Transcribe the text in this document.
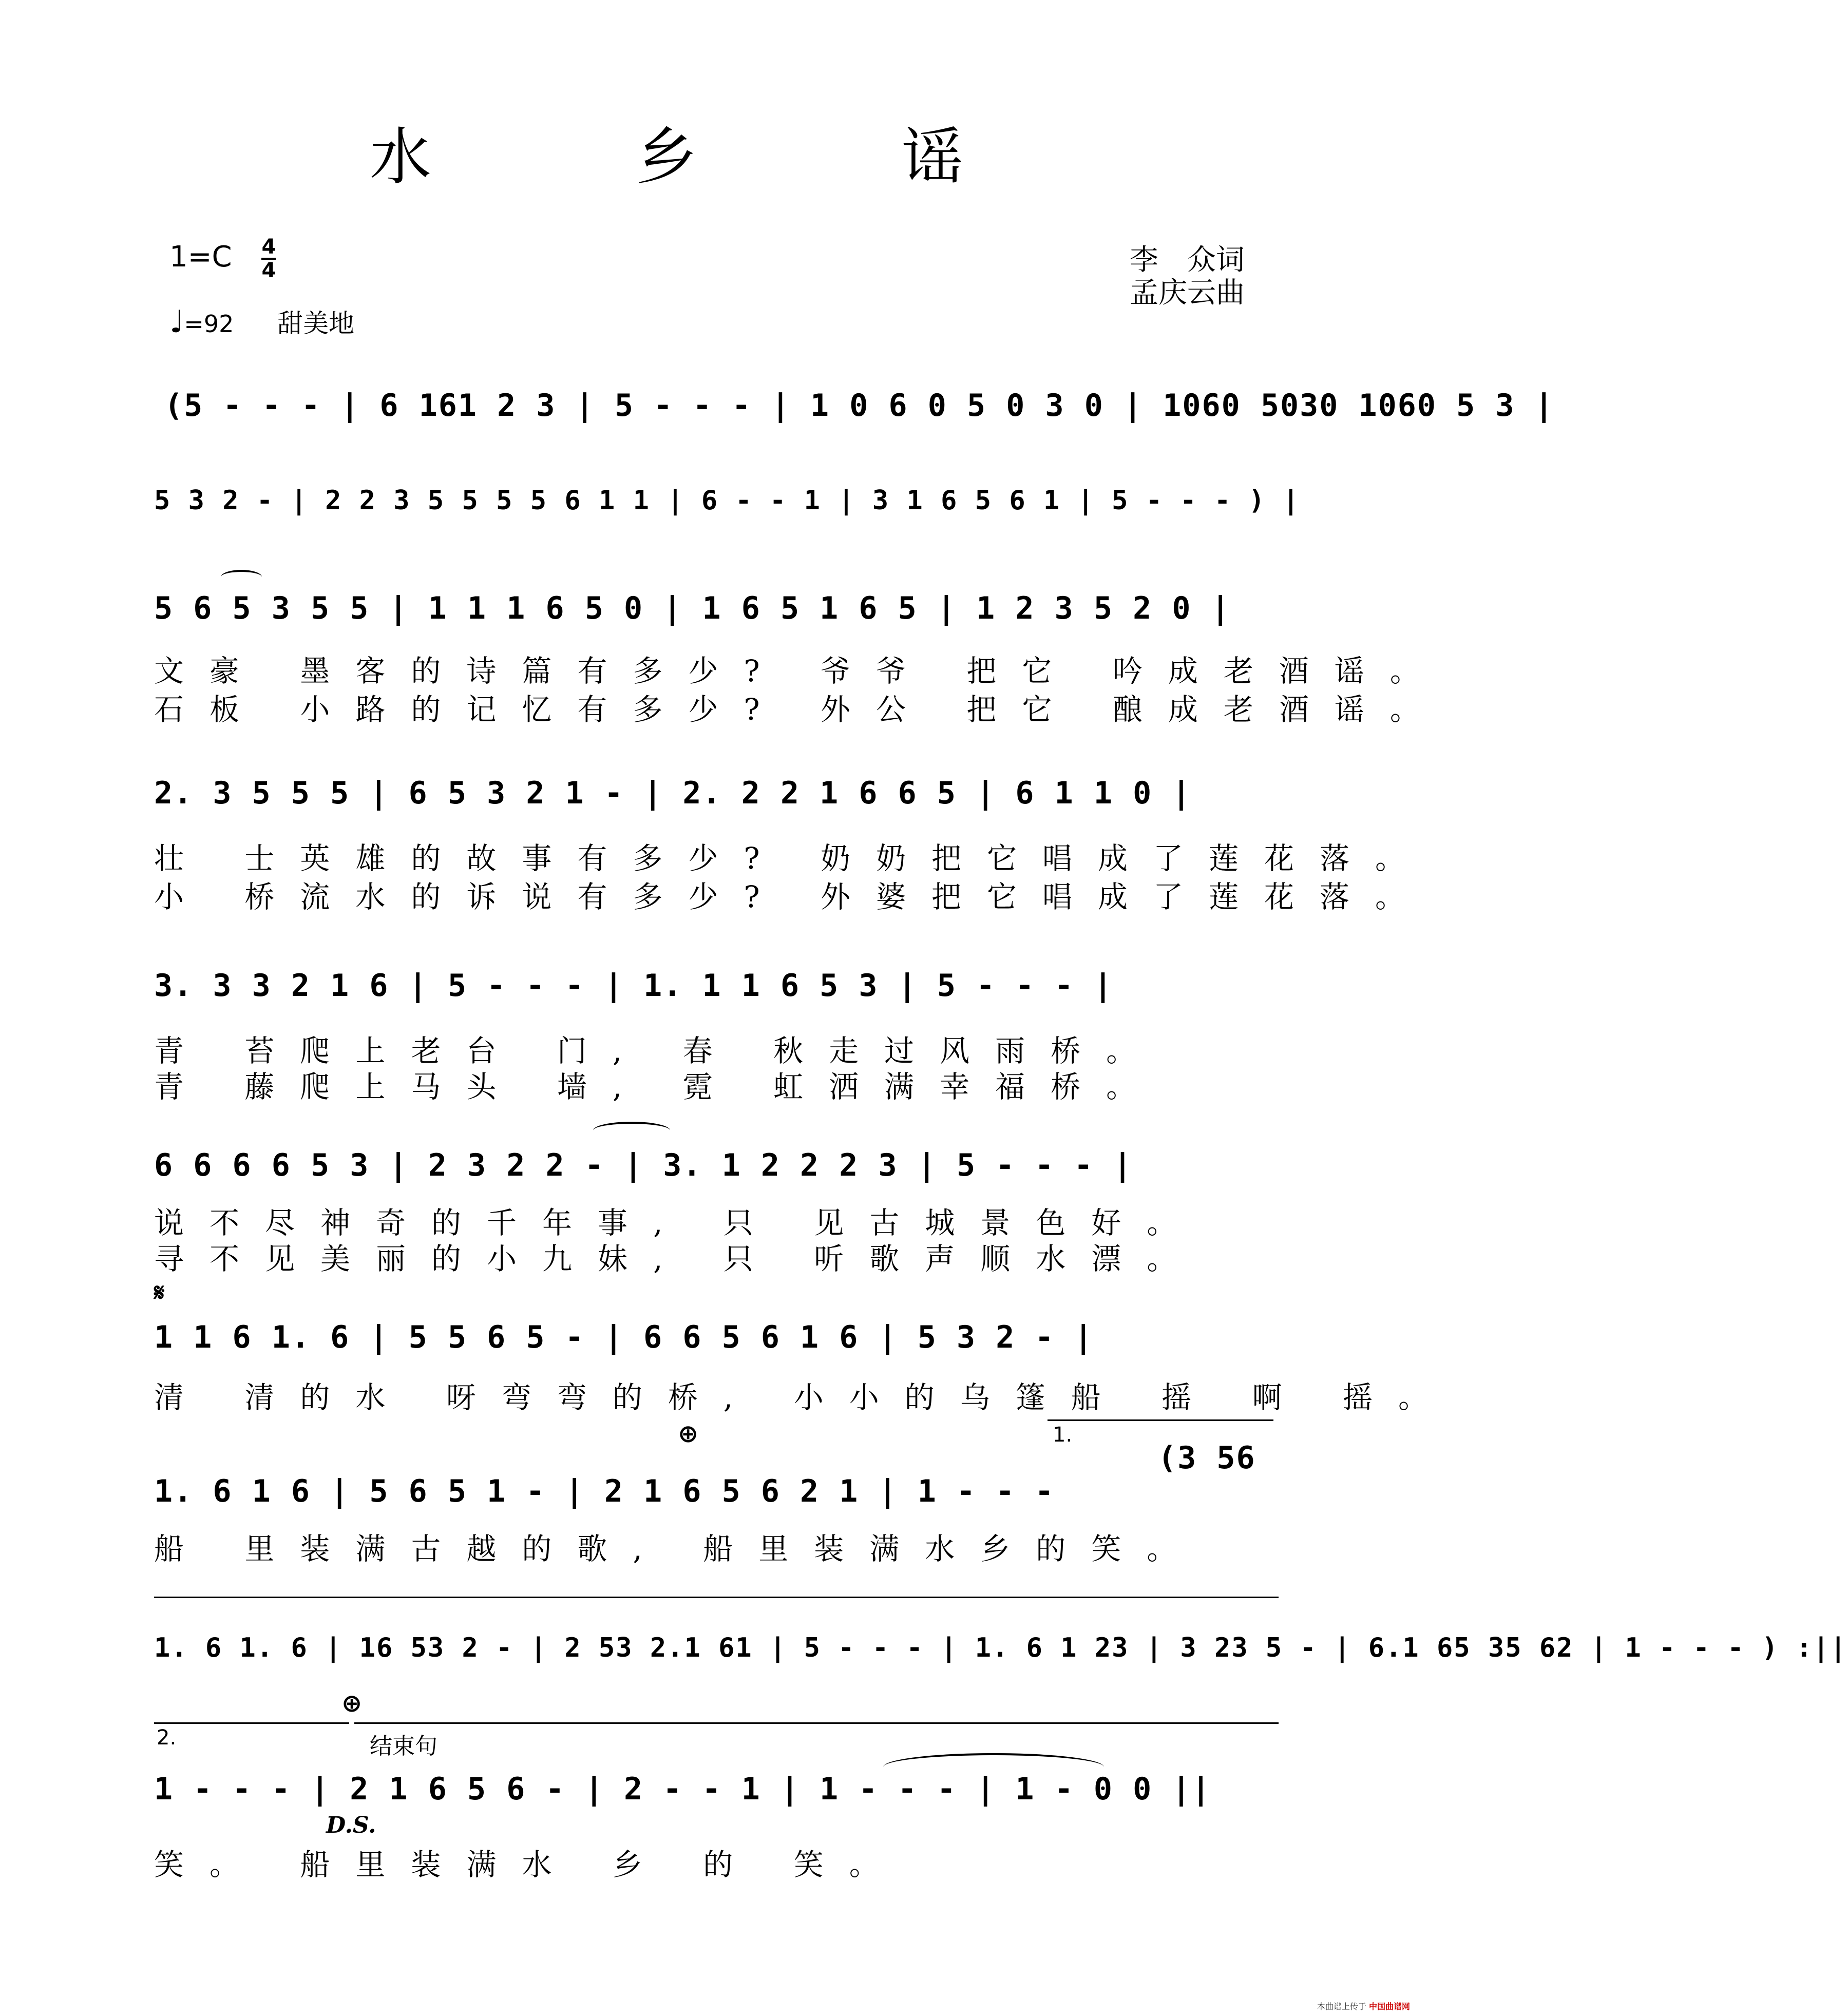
水 乡 谣
$1=C \frac{4}{4}$
♩=92 甜美地
李　众词
孟庆云曲
(5 - - - | 6 161 2 3 | 5 - - - | 1 0 6 0 5 0 3 0 | 1060 5030 1060 5 3 |
5 3 2 - | 2 2 3 5 5 5 5 6 1 1 | 6 - - 1 | 3 1 6 5 6 1 | 5 - - - ) |
5 6 5 3 5 5 | 1 1 1 6 5 0 | 1 6 5 1 6 5 | 1 2 3 5 2 0 |
文豪 墨客的诗篇有多少? 爷爷 把它 吟成老酒谣。
石板 小路的记忆有多少? 外公 把它 酿成老酒谣。
2. 3 5 5 5 | 6 5 3 2 1 - | 2. 2 2 1 6 6 5 | 6 1 1 0 |
壮 士英雄的故事有多少? 奶奶把它唱成了莲花落。
小 桥流水的诉说有多少? 外婆把它唱成了莲花落。
3. 3 3 2 1 6 | 5 - - - | 1. 1 1 6 5 3 | 5 - - - |
青 苔爬上老台 门, 春 秋走过风雨桥。
青 藤爬上马头 墙, 霓 虹洒满幸福桥。
6 6 6 6 5 3 | 2 3 2 2 - | 3. 1 2 2 2 3 | 5 - - - |
说不尽神奇的千年事, 只 见古城景色好。
寻不见美丽的小九妹, 只 听歌声顺水漂。
𝄋
1 1 6 1. 6 | 5 5 6 5 - | 6 6 5 6 1 6 | 5 3 2 - |
清 清的水 呀弯弯的桥, 小小的乌篷船 摇 啊 摇。
⊕	1.
(3 56
1. 6 1 6 | 5 6 5 1 - | 2 1 6 5 6 2 1 | 1 - - -
船 里装满古越的歌, 船里装满水乡的笑。
1. 6 1. 6 | 16 53 2 - | 2 53 2.1 61 | 5 - - - | 1. 6 1 23 | 3 23 5 - | 6.1 65 35 62 | 1 - - - ) :||
⊕
2.	结束句
1 - - - | 2 1 6 5 6 - | 2 - - 1 | 1 - - - | 1 - 0 0 ||
D.S.
笑。 船里装满水 乡 的 笑。
本曲谱上传于 中国曲谱网
